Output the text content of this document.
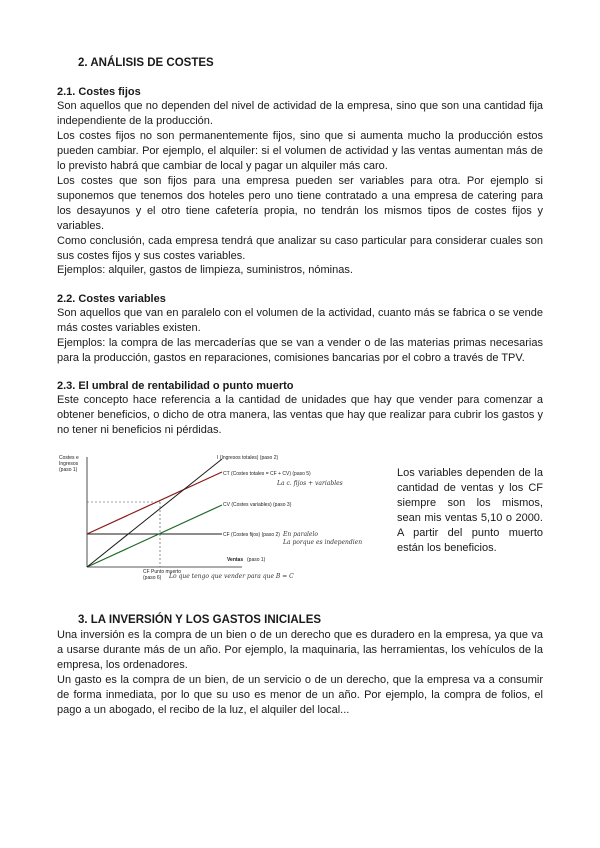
2. ANÁLISIS DE COSTES
2.1. Costes fijos

Son aquellos que no dependen del nivel de actividad de la empresa, sino que son una cantidad fija independiente de la producción.

Los costes fijos no son permanentemente fijos, sino que si aumenta mucho la producción estos pueden cambiar. Por ejemplo, el alquiler: si el volumen de actividad y las ventas aumentan más de lo previsto habrá que cambiar de local y pagar un alquiler más caro.

Los costes que son fijos para una empresa pueden ser variables para otra. Por ejemplo si suponemos que tenemos dos hoteles pero uno tiene contratado a una empresa de catering para los desayunos y el otro tiene cafetería propia, no tendrán los mismos tipos de costes fijos y variables.

Como conclusión, cada empresa tendrá que analizar su caso particular para considerar cuales son sus costes fijos y sus costes variables.

Ejemplos: alquiler, gastos de limpieza, suministros, nóminas.

2.2. Costes variables

Son aquellos que van en paralelo con el volumen de la actividad, cuanto más se fabrica o se vende más costes variables existen.

Ejemplos: la compra de las mercaderías que se van a vender o de las materias primas necesarias para la producción, gastos en reparaciones, comisiones bancarias por el cobro a través de TPV.

2.3. El umbral de rentabilidad o punto muerto

Este concepto hace referencia a la cantidad de unidades que hay que vender para comenzar a obtener beneficios, o dicho de otra manera, las ventas que hay que realizar para cubrir los gastos y no tener ni beneficios ni pérdidas.

Costes e
Ingresos
(paso 1)
Ventas (paso 1)
I (Ingresos totales) (paso 2)
CT (Costes totales = CF + CV) (paso 5)
CV (Costes variables) (paso 3)
CF (Costes fijos) (paso 2)
CF Punto muerto
(paso 6)
La c. fijos + variables
En paralelo
La porque es independien
Lo que tengo que vender para que B = C
Los variables dependen de la cantidad de ventas y los CF siempre son los mismos, sean mis ventas 5,10 o 2000. A partir del punto muerto están los beneficios.
3. LA INVERSIÓN Y LOS GASTOS INICIALES

Una inversión es la compra de un bien o de un derecho que es duradero en la empresa, ya que va a usarse durante más de un año. Por ejemplo, la maquinaria, las herramientas, los vehículos de la empresa, los ordenadores.

Un gasto es la compra de un bien, de un servicio o de un derecho, que la empresa va a consumir de forma inmediata, por lo que su uso es menor de un año. Por ejemplo, la compra de folios, el pago a un abogado, el recibo de la luz, el alquiler del local...
